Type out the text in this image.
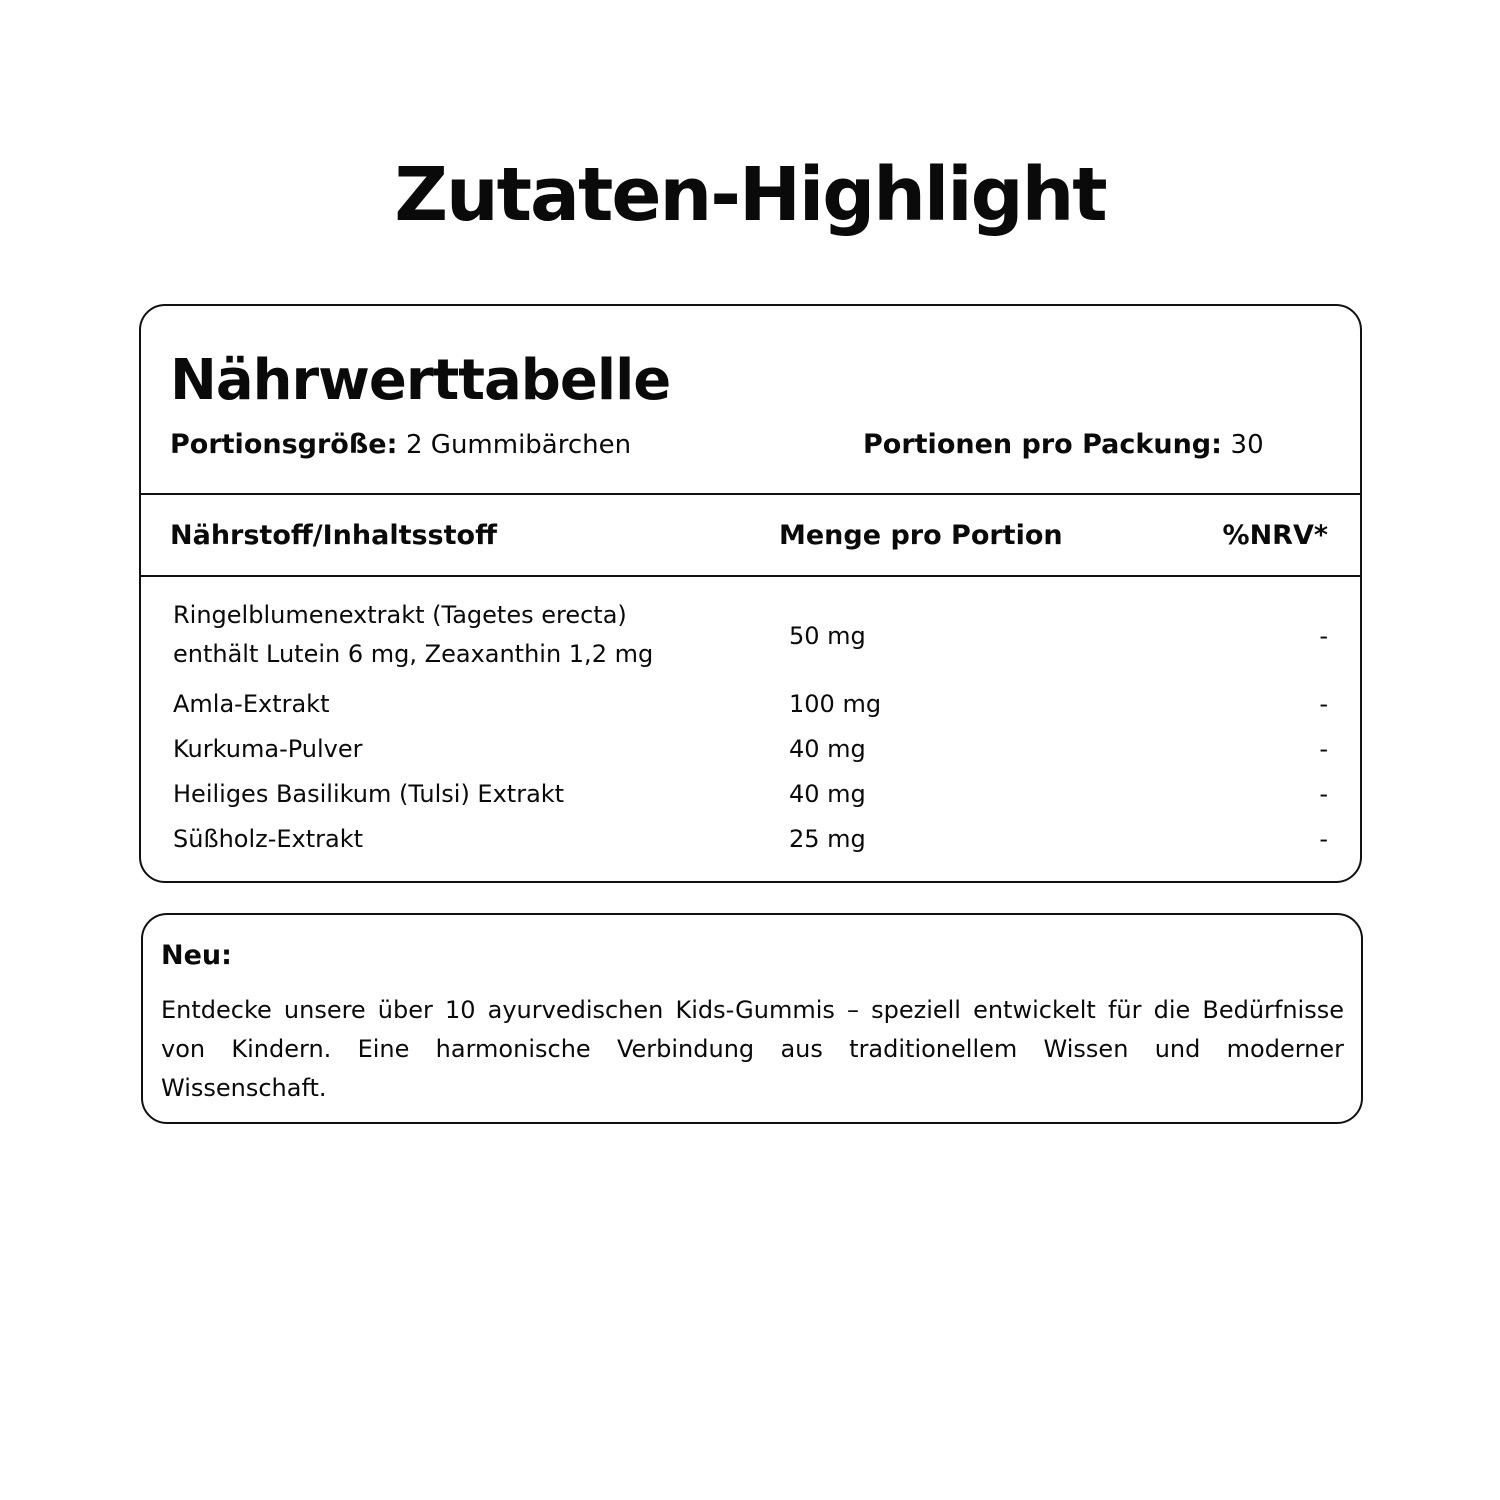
Zutaten-Highlight
Nährwerttabelle
Portionsgröße: 2 Gummibärchen	Portionen pro Packung: 30
Nährstoff/Inhaltsstoff	Menge pro Portion	%NRV*
Ringelblumenextrakt (Tagetes erecta)
enthält Lutein 6 mg, Zeaxanthin 1,2 mg
50 mg	-
Amla-Extrakt	100 mg	-
Kurkuma-Pulver	40 mg	-
Heiliges Basilikum (Tulsi) Extrakt	40 mg	-
Süßholz-Extrakt	25 mg	-
Neu:

Entdecke unsere über 10 ayurvedischen Kids-Gummis – speziell entwickelt für die Bedürfnisse von Kindern. Eine harmonische Verbindung aus traditionellem Wissen und moderner Wissenschaft.
